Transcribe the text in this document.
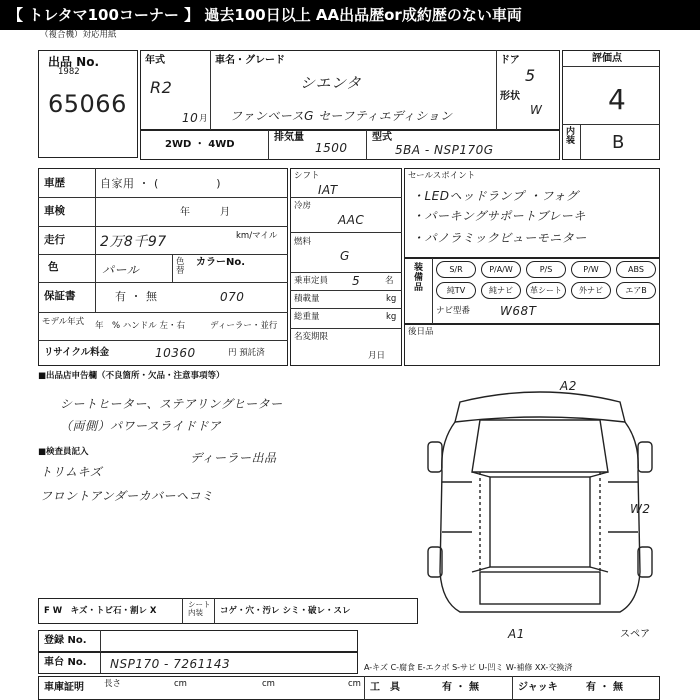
【 トレタマ100コーナー 】 過去100日以上 AA出品歴or成約歴のない車両
（複合機）対応用紙
出品 No.
1982
65066
年式
R2
10 月
車名・グレード
シエンタ
ファンベースG セーフティエディション
ドア
5
形状
W
2WD ・ 4WD
排気量
1500
型式
5BA - NSP170G
評価点
4
内装 B
車歴	自家用 ・ (　　　　　)
車検	年　　　月
走行	2万8千97	km/マイル
色	パール
色替
カラーNo.
保証書	有 ・ 無	070
モデル年式 年　% ハンドル 左・右	ディーラー・並行
リサイクル料金	10360	円 預託済
シフト
IAT
冷房
AAC
燃料
G
乗車定員 5	名
積載量	kg
総重量	kg
名変期限
月日
セールスポイント
・LEDヘッドランプ ・フォグ
・パーキングサポートブレーキ
・パノラミックビューモニター
装備品
S/R	P/A/W	P/S	P/W	ABS
純TV	純ナビ	革シート	外ナビ	エアB
ナビ型番 W68T
後日品
■出品店申告欄（不良箇所・欠品・注意事項等）
シートヒーター、ステアリングヒーター
（両側）パワースライドドア
■検査員記入	ディーラー出品
トリムキズ
フロントアンダーカバーヘコミ
A2
W2
A1	スペア
F W　キズ・トビ石・割レ X
シート 内装	コゲ・穴・汚レ シミ・破レ・スレ
登録 No.
車台 No. NSP170 - 7261143	A-キズ C-腐食 E-エクボ S-サビ U-凹ミ W-補修 XX-交換済
車庫証明 長さ	cm	cm	cm 工　具	有 ・ 無	ジャッキ	有 ・ 無
